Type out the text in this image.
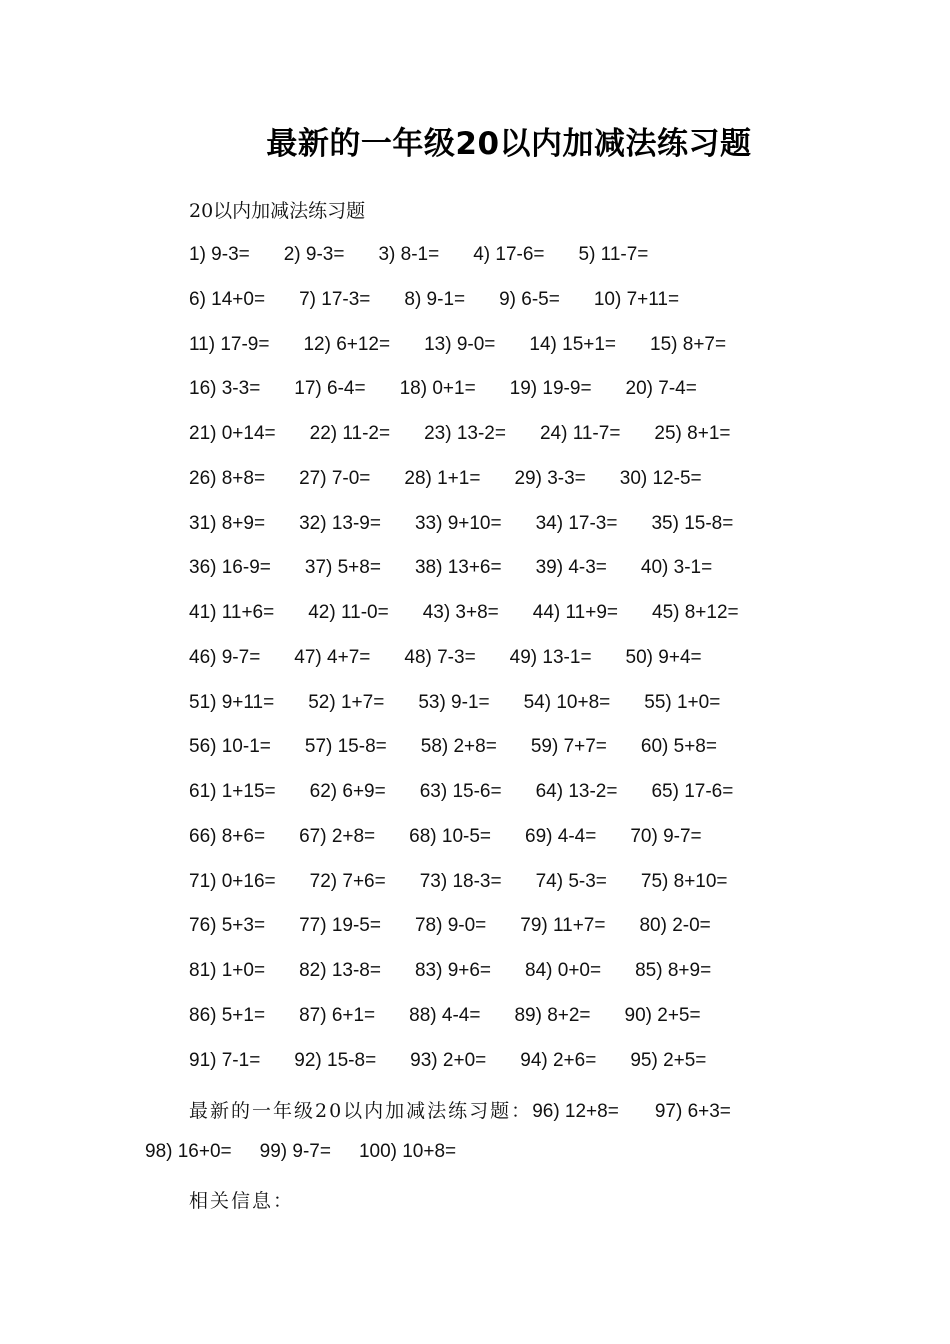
最新的一年级20以内加减法练习题
20以内加减法练习题
1) 9-3= 2) 9-3= 3) 8-1= 4) 17-6= 5) 11-7=
6) 14+0= 7) 17-3= 8) 9-1= 9) 6-5= 10) 7+11=
11) 17-9= 12) 6+12= 13) 9-0= 14) 15+1= 15) 8+7=
16) 3-3= 17) 6-4= 18) 0+1= 19) 19-9= 20) 7-4=
21) 0+14= 22) 11-2= 23) 13-2= 24) 11-7= 25) 8+1=
26) 8+8= 27) 7-0= 28) 1+1= 29) 3-3= 30) 12-5=
31) 8+9= 32) 13-9= 33) 9+10= 34) 17-3= 35) 15-8=
36) 16-9= 37) 5+8= 38) 13+6= 39) 4-3= 40) 3-1=
41) 11+6= 42) 11-0= 43) 3+8= 44) 11+9= 45) 8+12=
46) 9-7= 47) 4+7= 48) 7-3= 49) 13-1= 50) 9+4=
51) 9+11= 52) 1+7= 53) 9-1= 54) 10+8= 55) 1+0=
56) 10-1= 57) 15-8= 58) 2+8= 59) 7+7= 60) 5+8=
61) 1+15= 62) 6+9= 63) 15-6= 64) 13-2= 65) 17-6=
66) 8+6= 67) 2+8= 68) 10-5= 69) 4-4= 70) 9-7=
71) 0+16= 72) 7+6= 73) 18-3= 74) 5-3= 75) 8+10=
76) 5+3= 77) 19-5= 78) 9-0= 79) 11+7= 80) 2-0=
81) 1+0= 82) 13-8= 83) 9+6= 84) 0+0= 85) 8+9=
86) 5+1= 87) 6+1= 88) 4-4= 89) 8+2= 90) 2+5=
91) 7-1= 92) 15-8= 93) 2+0= 94) 2+6= 95) 2+5=
最新的一年级20以内加减法练习题：96) 12+8= 97) 6+3=
98) 16+0= 99) 9-7= 100) 10+8=
相关信息：
